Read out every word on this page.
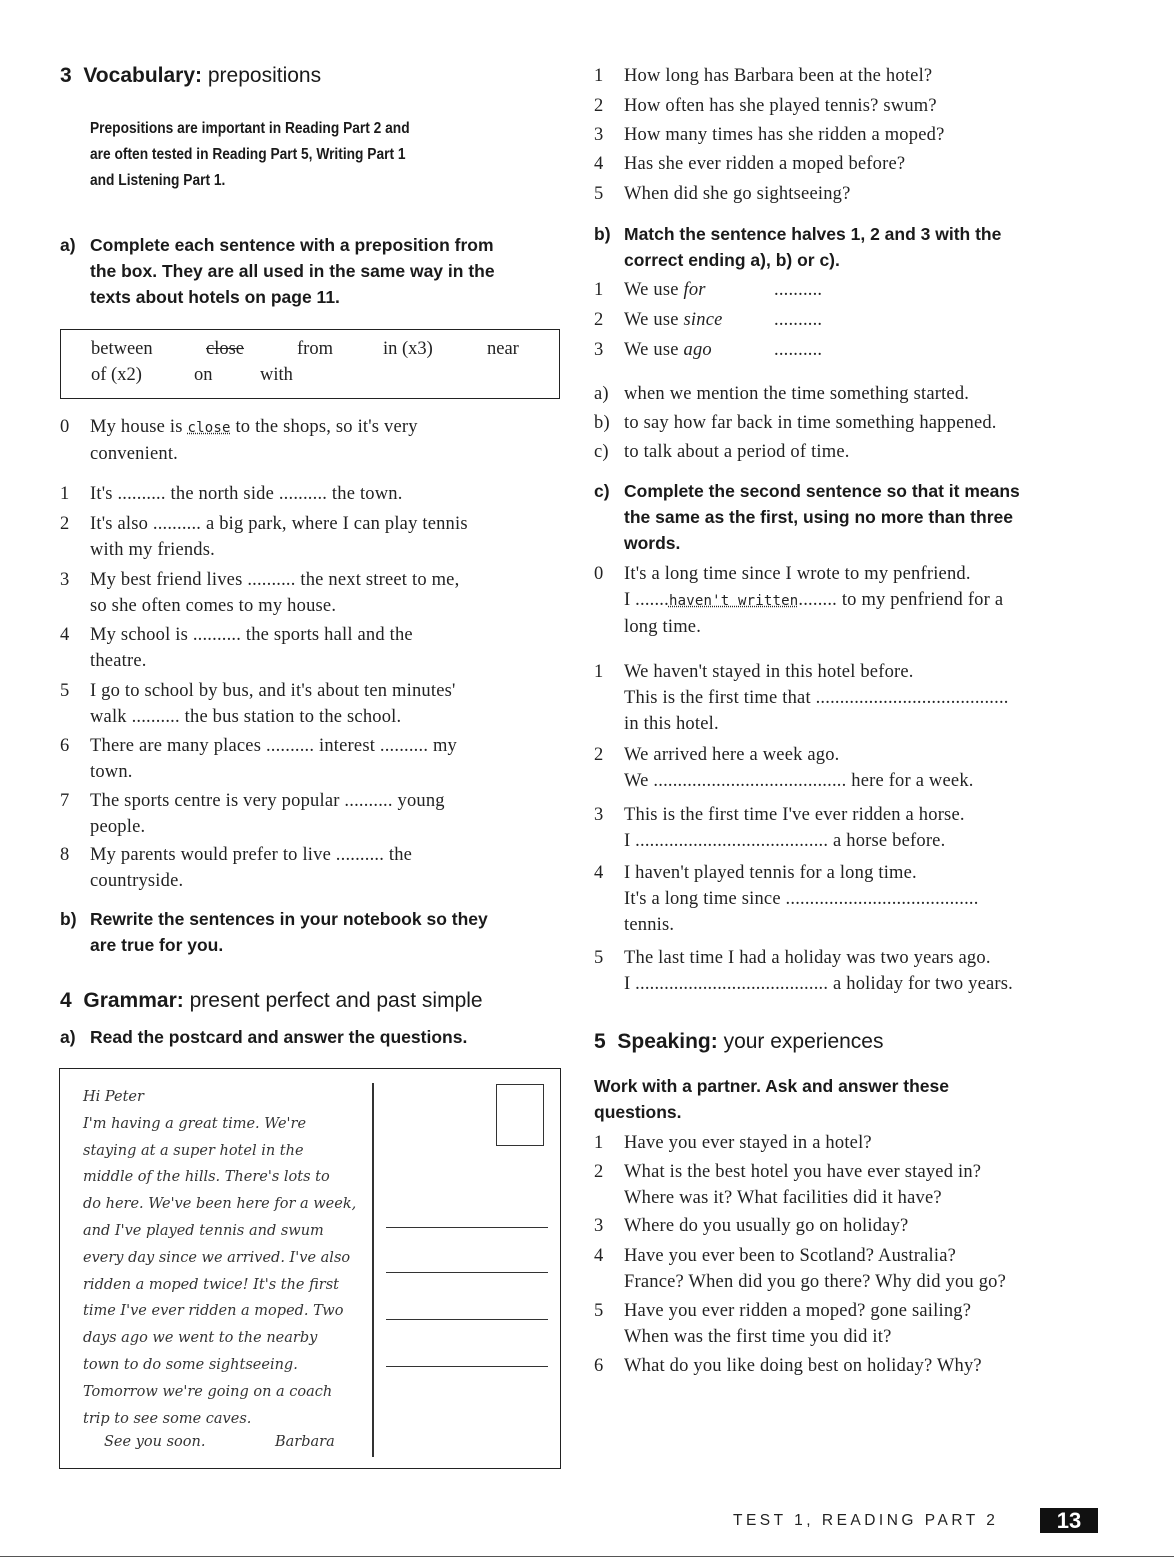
3 Vocabulary: prepositions
Prepositions are important in Reading Part 2 and
are often tested in Reading Part 5, Writing Part 1
and Listening Part 1.
a) Complete each sentence with a preposition from
the box. They are all used in the same way in the
texts about hotels on page 11.
between	close	from	in (x3)	near
of (x2)	on	with
0	My house is close to the shops, so it's very
convenient.
1	It's .......... the north side .......... the town.
2	It's also .......... a big park, where I can play tennis
with my friends.
3	My best friend lives .......... the next street to me,
so she often comes to my house.
4	My school is .......... the sports hall and the
theatre.
5	I go to school by bus, and it's about ten minutes'
walk .......... the bus station to the school.
6	There are many places .......... interest .......... my
town.
7	The sports centre is very popular .......... young
people.
8	My parents would prefer to live .......... the
countryside.
b) Rewrite the sentences in your notebook so they
are true for you.
4 Grammar: present perfect and past simple
a) Read the postcard and answer the questions.
Hi Peter
I'm having a great time. We're
staying at a super hotel in the
middle of the hills. There's lots to
do here. We've been here for a week,
and I've played tennis and swum
every day since we arrived. I've also
ridden a moped twice! It's the first
time I've ever ridden a moped. Two
days ago we went to the nearby
town to do some sightseeing.
Tomorrow we're going on a coach
trip to see some caves.
See you soon.	Barbara
1	How long has Barbara been at the hotel?
2	How often has she played tennis? swum?
3	How many times has she ridden a moped?
4	Has she ever ridden a moped before?
5	When did she go sightseeing?
b) Match the sentence halves 1, 2 and 3 with the
correct ending a), b) or c).
1	We use for	..........
2	We use since	..........
3	We use ago	..........
a) when we mention the time something started.
b) to say how far back in time something happened.
c) to talk about a period of time.
c) Complete the second sentence so that it means
the same as the first, using no more than three
words.
0	It's a long time since I wrote to my penfriend.
I .......haven't written........ to my penfriend for a
long time.
1	We haven't stayed in this hotel before.
This is the first time that ........................................
in this hotel.
2	We arrived here a week ago.
We ........................................ here for a week.
3	This is the first time I've ever ridden a horse.
I ........................................ a horse before.
4	I haven't played tennis for a long time.
It's a long time since ........................................
tennis.
5	The last time I had a holiday was two years ago.
I ........................................ a holiday for two years.
5 Speaking: your experiences
Work with a partner. Ask and answer these
questions.
1	Have you ever stayed in a hotel?
2	What is the best hotel you have ever stayed in?
Where was it? What facilities did it have?
3	Where do you usually go on holiday?
4	Have you ever been to Scotland? Australia?
France? When did you go there? Why did you go?
5	Have you ever ridden a moped? gone sailing?
When was the first time you did it?
6	What do you like doing best on holiday? Why?
TEST 1, READING PART 2	13
